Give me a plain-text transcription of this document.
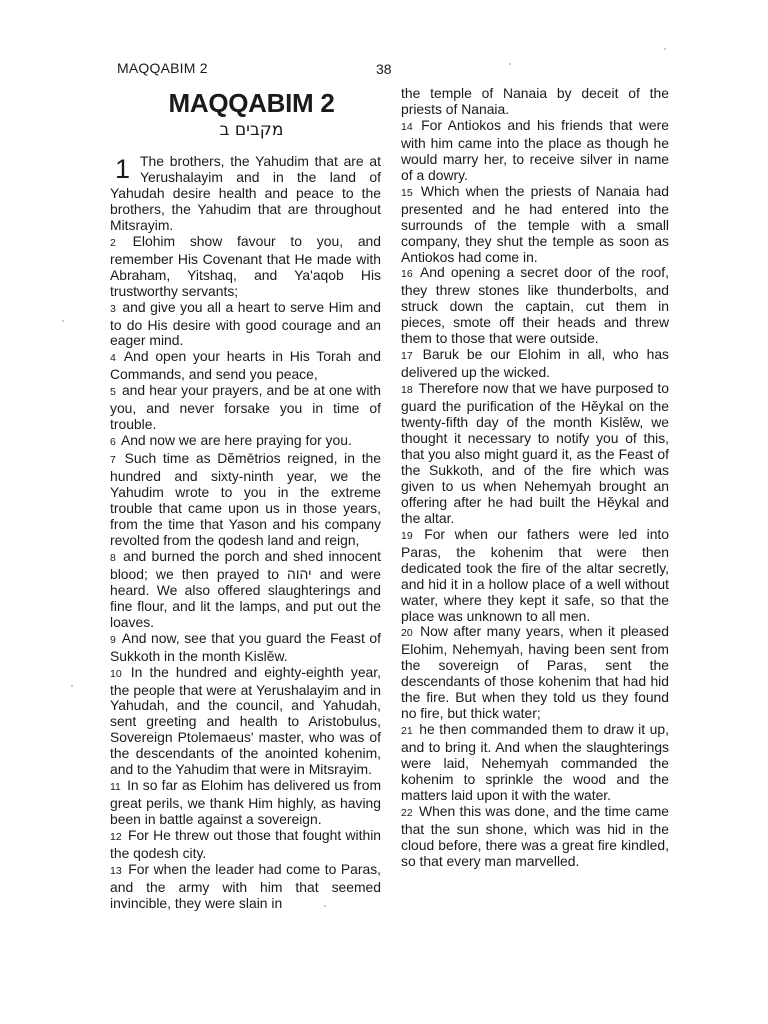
MAQQABIM 2	38
MAQQABIM 2
מקבים ב

1 The brothers, the Yahudim that are at Yerushalayim and in the land of Yahudah desire health and peace to the brothers, the Yahudim that are throughout Mitsrayim.

2 Elohim show favour to you, and remember His Covenant that He made with Abraham, Yitshaq, and Ya'aqob His trustworthy servants;

3 and give you all a heart to serve Him and to do His desire with good courage and an eager mind.

4 And open your hearts in His Torah and Commands, and send you peace,

5 and hear your prayers, and be at one with you, and never forsake you in time of trouble.

6 And now we are here praying for you.

7 Such time as Dĕmētrios reigned, in the hundred and sixty-ninth year, we the Yahudim wrote to you in the extreme trouble that came upon us in those years, from the time that Yason and his company revolted from the qodesh land and reign,

8 and burned the porch and shed innocent blood; we then prayed to יהוה and were heard. We also offered slaughterings and fine flour, and lit the lamps, and put out the loaves.

9 And now, see that you guard the Feast of Sukkoth in the month Kislĕw.

10 In the hundred and eighty-eighth year, the people that were at Yerushalayim and in Yahudah, and the council, and Yahudah, sent greeting and health to Aristobulus, Sovereign Ptolemaeus' master, who was of the descendants of the anointed kohenim, and to the Yahudim that were in Mitsrayim.

11 In so far as Elohim has delivered us from great perils, we thank Him highly, as having been in battle against a sovereign.

12 For He threw out those that fought within the qodesh city.

13 For when the leader had come to Paras, and the army with him that seemed invincible, they were slain in

the temple of Nanaia by deceit of the priests of Nanaia.

14 For Antiokos and his friends that were with him came into the place as though he would marry her, to receive silver in name of a dowry.

15 Which when the priests of Nanaia had presented and he had entered into the surrounds of the temple with a small company, they shut the temple as soon as Antiokos had come in.

16 And opening a secret door of the roof, they threw stones like thunderbolts, and struck down the captain, cut them in pieces, smote off their heads and threw them to those that were outside.

17 Baruk be our Elohim in all, who has delivered up the wicked.

18 Therefore now that we have purposed to guard the purification of the Hĕykal on the twenty-fifth day of the month Kislĕw, we thought it necessary to notify you of this, that you also might guard it, as the Feast of the Sukkoth, and of the fire which was given to us when Nehemyah brought an offering after he had built the Hĕykal and the altar.

19 For when our fathers were led into Paras, the kohenim that were then dedicated took the fire of the altar secretly, and hid it in a hollow place of a well without water, where they kept it safe, so that the place was unknown to all men.

20 Now after many years, when it pleased Elohim, Nehemyah, having been sent from the sovereign of Paras, sent the descendants of those kohenim that had hid the fire. But when they told us they found no fire, but thick water;

21 he then commanded them to draw it up, and to bring it. And when the slaughterings were laid, Nehemyah commanded the kohenim to sprinkle the wood and the matters laid upon it with the water.

22 When this was done, and the time came that the sun shone, which was hid in the cloud before, there was a great fire kindled, so that every man marvelled.
